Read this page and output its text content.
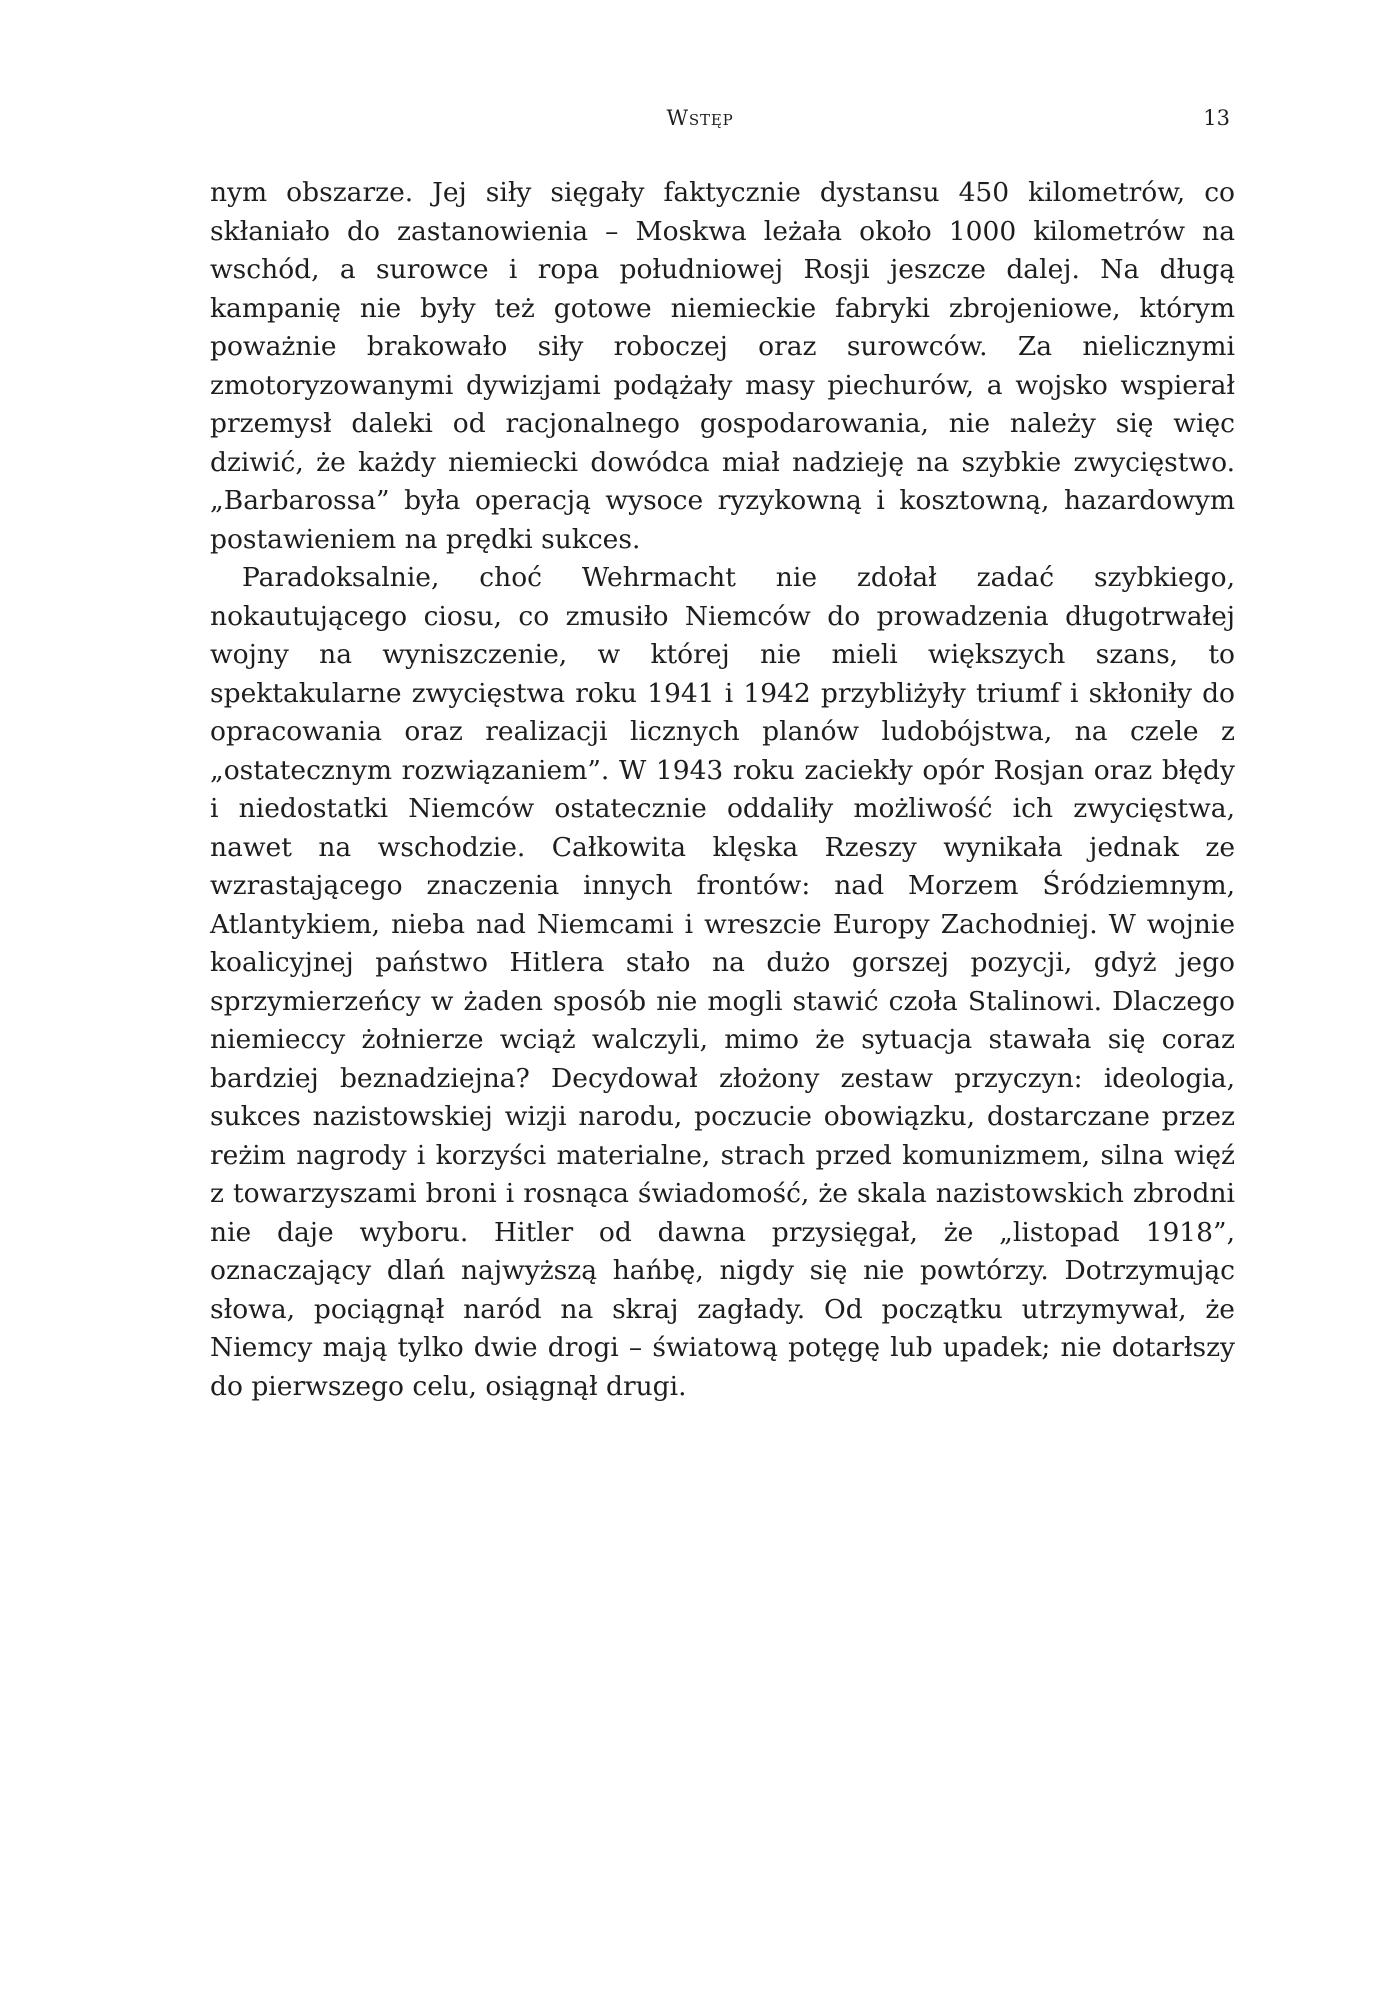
Wstęp	13

nym obszarze. Jej siły sięgały faktycznie dystansu 450 kilometrów, co skłaniało do zastanowienia – Moskwa leżała około 1000 kilometrów na wschód, a surowce i ropa południowej Rosji jeszcze dalej. Na długą kampanię nie były też gotowe niemieckie fabryki zbrojeniowe, którym poważnie brakowało siły roboczej oraz surowców. Za nielicznymi zmotoryzowanymi dywizjami podążały masy piechurów, a wojsko wspierał przemysł daleki od racjonalnego gospodarowania, nie należy się więc dziwić, że każdy niemiecki dowódca miał nadzieję na szybkie zwycięstwo. „Barbarossa” była operacją wysoce ryzykowną i kosztowną, hazardowym postawieniem na prędki sukces.

Paradoksalnie, choć Wehrmacht nie zdołał zadać szybkiego, nokautującego ciosu, co zmusiło Niemców do prowadzenia długotrwałej wojny na wyniszczenie, w której nie mieli większych szans, to spektakularne zwycięstwa roku 1941 i 1942 przybliżyły triumf i skłoniły do opracowania oraz realizacji licznych planów ludobójstwa, na czele z „ostatecznym rozwiązaniem”. W 1943 roku zaciekły opór Rosjan oraz błędy i niedostatki Niemców ostatecznie oddaliły możliwość ich zwycięstwa, nawet na wschodzie. Całkowita klęska Rzeszy wynikała jednak ze wzrastającego znaczenia innych frontów: nad Morzem Śródziemnym, Atlantykiem, nieba nad Niemcami i wreszcie Europy Zachodniej. W wojnie koalicyjnej państwo Hitlera stało na dużo gorszej pozycji, gdyż jego sprzymierzeńcy w żaden sposób nie mogli stawić czoła Stalinowi. Dlaczego niemieccy żołnierze wciąż walczyli, mimo że sytuacja stawała się coraz bardziej beznadziejna? Decydował złożony zestaw przyczyn: ideologia, sukces nazistowskiej wizji narodu, poczucie obowiązku, dostarczane przez reżim nagrody i korzyści materialne, strach przed komunizmem, silna więź z towarzyszami broni i rosnąca świadomość, że skala nazistowskich zbrodni nie daje wyboru. Hitler od dawna przysięgał, że „listopad 1918”, oznaczający dlań najwyższą hańbę, nigdy się nie powtórzy. Dotrzymując słowa, pociągnął naród na skraj zagłady. Od początku utrzymywał, że Niemcy mają tylko dwie drogi – światową potęgę lub upadek; nie dotarłszy do pierwszego celu, osiągnął drugi.
